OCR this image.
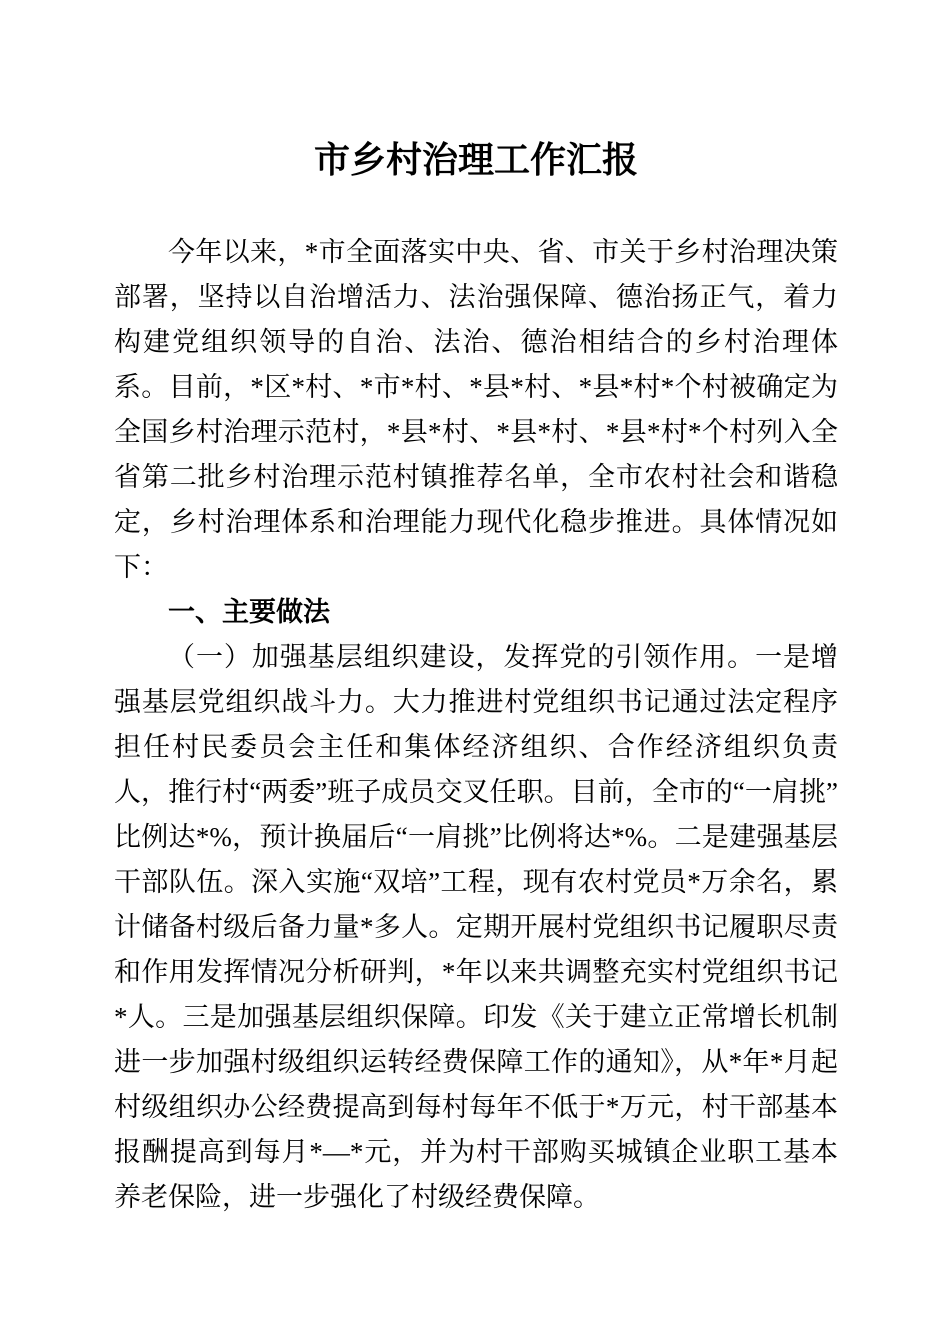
市乡村治理工作汇报

今年以来，*市全面落实中央、省、市关于乡村治理决策部署，坚持以自治增活力、法治强保障、德治扬正气，着力构建党组织领导的自治、法治、德治相结合的乡村治理体系。目前，*区*村、*市*村、*县*村、*县*村*个村被确定为全国乡村治理示范村，*县*村、*县*村、*县*村*个村列入全省第二批乡村治理示范村镇推荐名单，全市农村社会和谐稳定，乡村治理体系和治理能力现代化稳步推进。具体情况如下：

一、主要做法

（一）加强基层组织建设，发挥党的引领作用。一是增强基层党组织战斗力。大力推进村党组织书记通过法定程序担任村民委员会主任和集体经济组织、合作经济组织负责人，推行村“两委”班子成员交叉任职。目前，全市的“一肩挑”比例达*%，预计换届后“一肩挑”比例将达*%。二是建强基层干部队伍。深入实施“双培”工程，现有农村党员*万余名，累计储备村级后备力量*多人。定期开展村党组织书记履职尽责和作用发挥情况分析研判，*年以来共调整充实村党组织书记*人。三是加强基层组织保障。印发《关于建立正常增长机制进一步加强村级组织运转经费保障工作的通知》，从*年*月起村级组织办公经费提高到每村每年不低于*万元，村干部基本报酬提高到每月*—*元，并为村干部购买城镇企业职工基本养老保险，进一步强化了村级经费保障。
